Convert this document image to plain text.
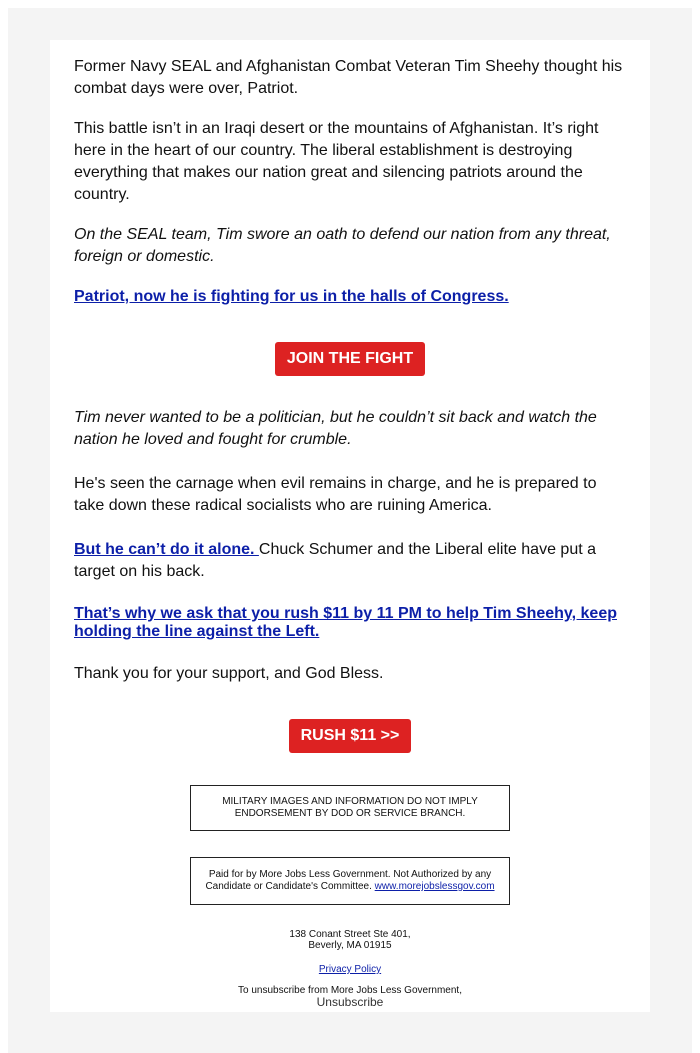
Former Navy SEAL and Afghanistan Combat Veteran Tim Sheehy thought his combat days were over, Patriot.

This battle isn’t in an Iraqi desert or the mountains of Afghanistan. It’s right here in the heart of our country. The liberal establishment is destroying everything that makes our nation great and silencing patriots around the country.

On the SEAL team, Tim swore an oath to defend our nation from any threat, foreign or domestic.

Patriot, now he is fighting for us in the halls of Congress.

JOIN THE FIGHT

Tim never wanted to be a politician, but he couldn’t sit back and watch the nation he loved and fought for crumble.

He's seen the carnage when evil remains in charge, and he is prepared to take down these radical socialists who are ruining America.

But he can’t do it alone. Chuck Schumer and the Liberal elite have put a target on his back.

That’s why we ask that you rush $11 by 11 PM to help Tim Sheehy, keep holding the line against the Left.

Thank you for your support, and God Bless.

RUSH $11 >>
MILITARY IMAGES AND INFORMATION DO NOT IMPLY ENDORSEMENT BY DOD OR SERVICE BRANCH.
Paid for by More Jobs Less Government. Not Authorized by any Candidate or Candidate's Committee. www.morejobslessgov.com
138 Conant Street Ste 401,
Beverly, MA 01915
Privacy Policy
To unsubscribe from More Jobs Less Government,
Unsubscribe
